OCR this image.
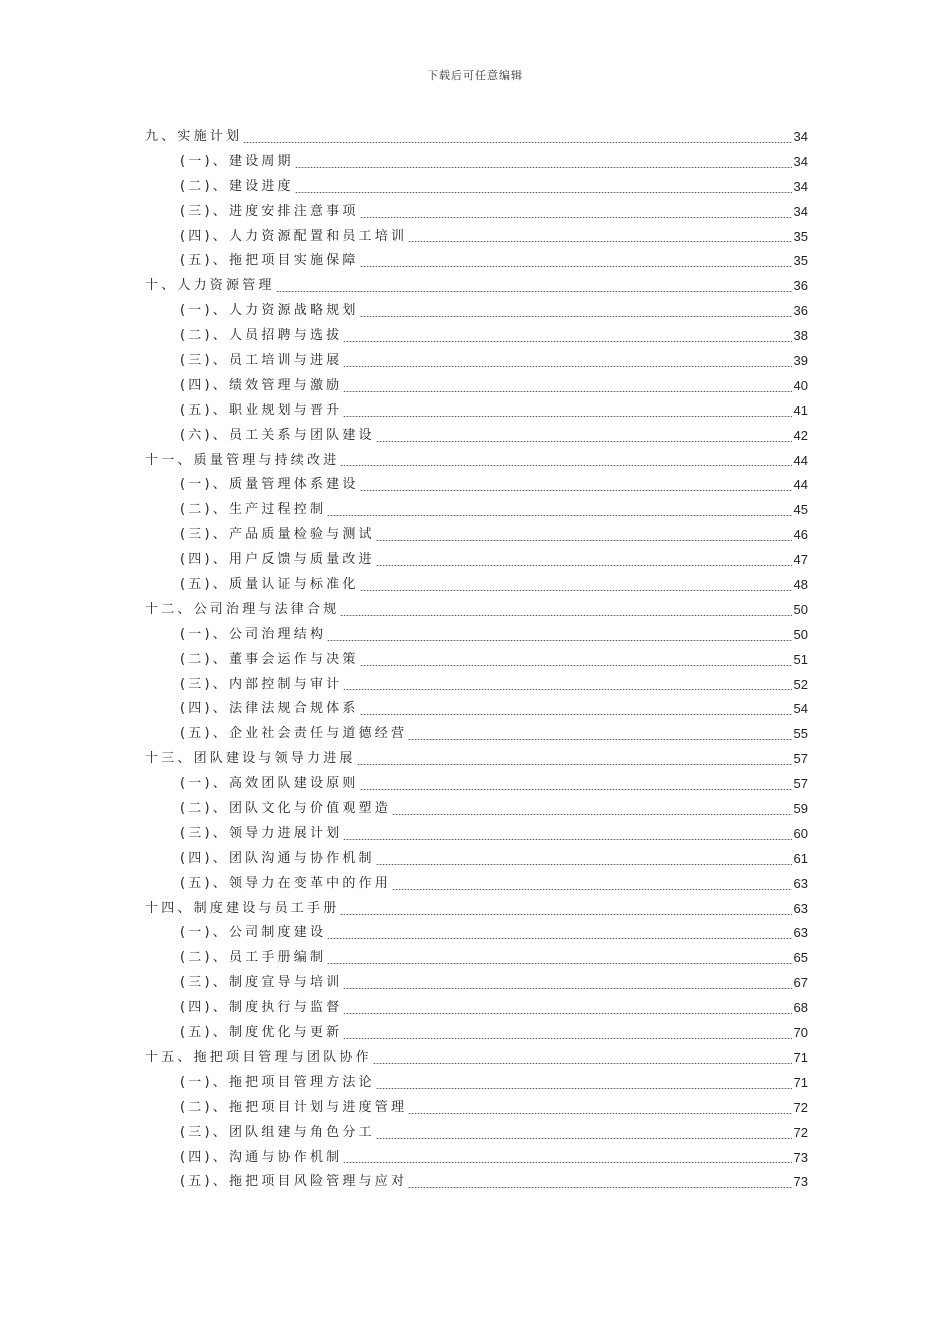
下载后可任意编辑
九、实施计划	34
(一)、建设周期	34
(二)、建设进度	34
(三)、进度安排注意事项	34
(四)、人力资源配置和员工培训	35
(五)、拖把项目实施保障	35
十、人力资源管理	36
(一)、人力资源战略规划	36
(二)、人员招聘与选拔	38
(三)、员工培训与进展	39
(四)、绩效管理与激励	40
(五)、职业规划与晋升	41
(六)、员工关系与团队建设	42
十一、质量管理与持续改进	44
(一)、质量管理体系建设	44
(二)、生产过程控制	45
(三)、产品质量检验与测试	46
(四)、用户反馈与质量改进	47
(五)、质量认证与标准化	48
十二、公司治理与法律合规	50
(一)、公司治理结构	50
(二)、董事会运作与决策	51
(三)、内部控制与审计	52
(四)、法律法规合规体系	54
(五)、企业社会责任与道德经营	55
十三、团队建设与领导力进展	57
(一)、高效团队建设原则	57
(二)、团队文化与价值观塑造	59
(三)、领导力进展计划	60
(四)、团队沟通与协作机制	61
(五)、领导力在变革中的作用	63
十四、制度建设与员工手册	63
(一)、公司制度建设	63
(二)、员工手册编制	65
(三)、制度宣导与培训	67
(四)、制度执行与监督	68
(五)、制度优化与更新	70
十五、拖把项目管理与团队协作	71
(一)、拖把项目管理方法论	71
(二)、拖把项目计划与进度管理	72
(三)、团队组建与角色分工	72
(四)、沟通与协作机制	73
(五)、拖把项目风险管理与应对	73
